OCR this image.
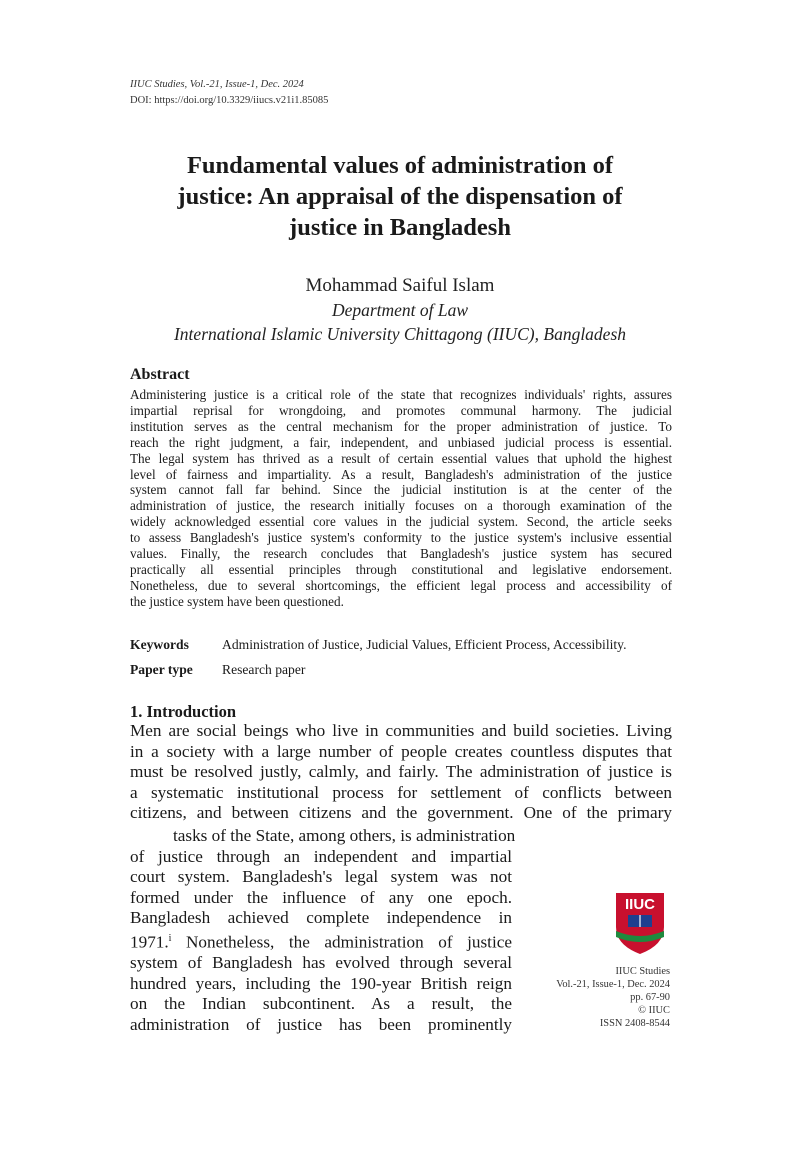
IIUC Studies, Vol.-21, Issue-1, Dec. 2024
DOI: https://doi.org/10.3329/iiucs.v21i1.85085
Fundamental values of administration of
justice: An appraisal of the dispensation of
justice in Bangladesh
Mohammad Saiful Islam
Department of Law
International Islamic University Chittagong (IIUC), Bangladesh
Abstract
Administering justice is a critical role of the state that recognizes individuals' rights, assures
impartial reprisal for wrongdoing, and promotes communal harmony. The judicial
institution serves as the central mechanism for the proper administration of justice. To
reach the right judgment, a fair, independent, and unbiased judicial process is essential.
The legal system has thrived as a result of certain essential values that uphold the highest
level of fairness and impartiality. As a result, Bangladesh's administration of the justice
system cannot fall far behind. Since the judicial institution is at the center of the
administration of justice, the research initially focuses on a thorough examination of the
widely acknowledged essential core values in the judicial system. Second, the article seeks
to assess Bangladesh's justice system's conformity to the justice system's inclusive essential
values. Finally, the research concludes that Bangladesh's justice system has secured
practically all essential principles through constitutional and legislative endorsement.
Nonetheless, due to several shortcomings, the efficient legal process and accessibility of
the justice system have been questioned.
Keywords Administration of Justice, Judicial Values, Efficient Process, Accessibility.
Paper type Research paper
1. Introduction
Men are social beings who live in communities and build societies. Living
in a society with a large number of people creates countless disputes that
must be resolved justly, calmly, and fairly. The administration of justice is
a systematic institutional process for settlement of conflicts between
citizens, and between citizens and the government. One of the primary
tasks of the State, among others, is administration
of justice through an independent and impartial
court system. Bangladesh's legal system was not
formed under the influence of any one epoch.
Bangladesh achieved complete independence in
1971.$^i$ Nonetheless, the administration of justice
system of Bangladesh has evolved through several
hundred years, including the 190-year British reign
on the Indian subcontinent. As a result, the
administration of justice has been prominently
IIUC
IIUC Studies
Vol.-21, Issue-1, Dec. 2024
pp. 67-90
© IIUC
ISSN 2408-8544
